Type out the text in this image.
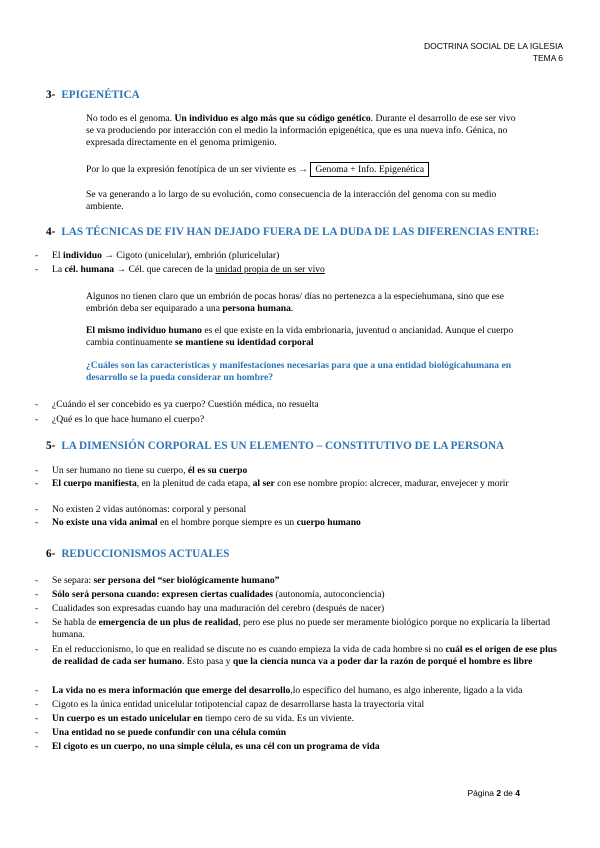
DOCTRINA SOCIAL DE LA IGLESIA
TEMA 6
3- EPIGENÉTICA
No todo es el genoma. Un individuo es algo más que su código genético. Durante el desarrollo de ese ser vivo se va produciendo por interacción con el medio la información epigenética, que es una nueva info. Génica, no expresada directamente en el genoma primigenio.
Por lo que la expresión fenotípica de un ser viviente es → Genoma + Info. Epigenética
Se va generando a lo largo de su evolución, como consecuencia de la interacción del genoma con su medio ambiente.
4- LAS TÉCNICAS DE FIV HAN DEJADO FUERA DE LA DUDA DE LAS DIFERENCIAS ENTRE:
- El individuo → Cigoto (unicelular), embrión (pluricelular)
- La cél. humana → Cél. que carecen de la unidad propia de un ser vivo
Algunos no tienen claro que un embrión de pocas horas/ días no pertenezca a la especiehumana, sino que ese embrión deba ser equiparado a una persona humana.
El mismo individuo humano es el que existe en la vida embrionaria, juventud o ancianidad. Aunque el cuerpo cambia continuamente se mantiene su identidad corporal
¿Cuáles son las características y manifestaciones necesarias para que a una entidad biológicahumana en desarrollo se la pueda considerar un hombre?
- ¿Cuándo el ser concebido es ya cuerpo? Cuestión médica, no resuelta
- ¿Qué es lo que hace humano el cuerpo?
5- LA DIMENSIÓN CORPORAL ES UN ELEMENTO – CONSTITUTIVO DE LA PERSONA
- Un ser humano no tiene su cuerpo, él es su cuerpo
- El cuerpo manifiesta, en la plenitud de cada etapa, al ser con ese nombre propio: alcrecer, madurar, envejecer y morir
- No existen 2 vidas autónomas: corporal y personal
- No existe una vida animal en el hombre porque siempre es un cuerpo humano
6- REDUCCIONISMOS ACTUALES
- Se separa: ser persona del “ser biológicamente humano”
- Sólo será persona cuando: expresen ciertas cualidades (autonomía, autoconciencia)
- Cualidades son expresadas cuando hay una maduración del cerebro (después de nacer)
- Se habla de emergencia de un plus de realidad, pero ese plus no puede ser meramente biológico porque no explicaría la libertad humana.
- En el reduccionismo, lo que en realidad se discute no es cuando empieza la vida de cada hombre si no cuál es el origen de ese plus de realidad de cada ser humano. Esto pasa y que la ciencia nunca va a poder dar la razón de porqué el hombre es libre
- La vida no es mera información que emerge del desarrollo,lo específico del humano, es algo inherente, ligado a la vida
- Cigoto es la única entidad unicelular totipotencial capaz de desarrollarse hasta la trayectoria vital
- Un cuerpo es un estado unicelular en tiempo cero de su vida. Es un viviente.
- Una entidad no se puede confundir con una célula común
- El cigoto es un cuerpo, no una simple célula, es una cél con un programa de vida
Página 2 de 4
